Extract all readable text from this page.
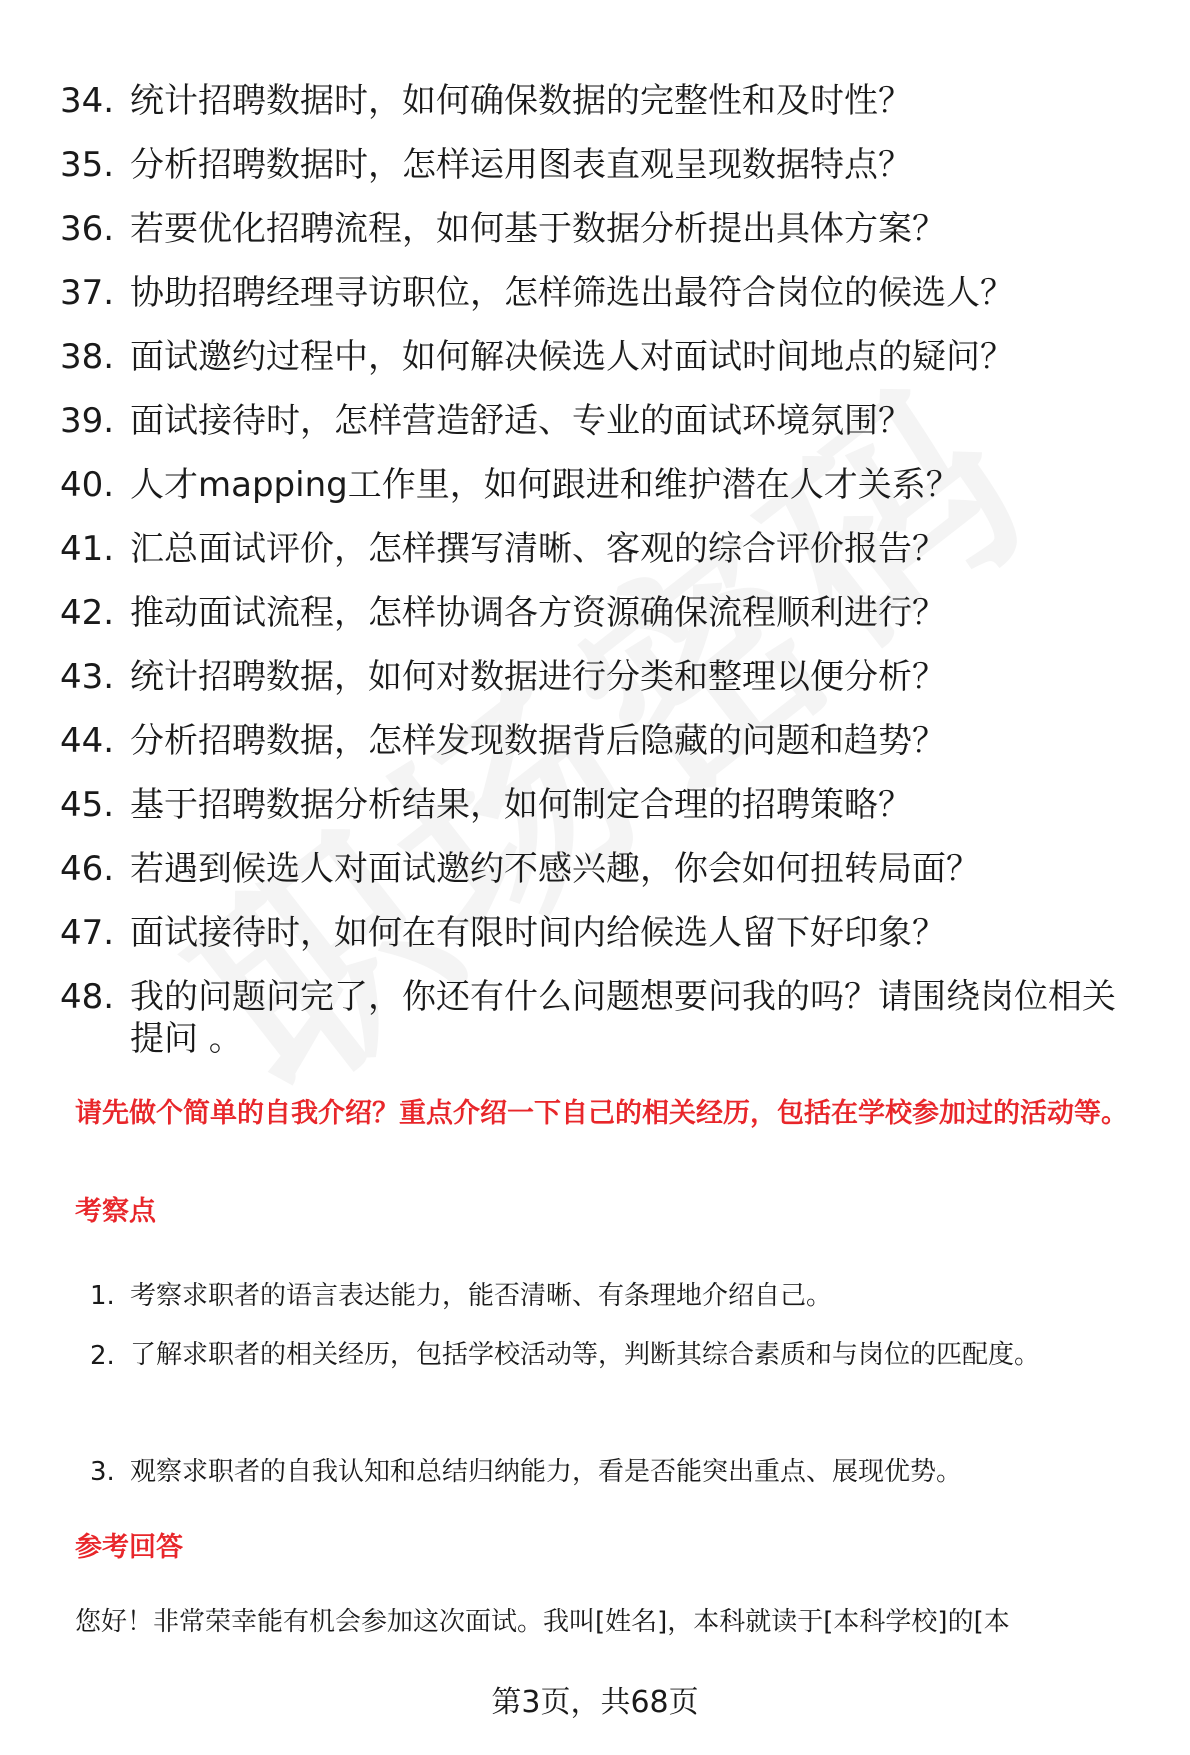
34. 统计招聘数据时，如何确保数据的完整性和及时性？
35. 分析招聘数据时，怎样运用图表直观呈现数据特点？
36. 若要优化招聘流程，如何基于数据分析提出具体方案？
37. 协助招聘经理寻访职位，怎样筛选出最符合岗位的候选人？
38. 面试邀约过程中，如何解决候选人对面试时间地点的疑问？
39. 面试接待时，怎样营造舒适、专业的面试环境氛围？
40. 人才mapping工作里，如何跟进和维护潜在人才关系？
41. 汇总面试评价，怎样撰写清晰、客观的综合评价报告？
42. 推动面试流程，怎样协调各方资源确保流程顺利进行？
43. 统计招聘数据，如何对数据进行分类和整理以便分析？
44. 分析招聘数据，怎样发现数据背后隐藏的问题和趋势？
45. 基于招聘数据分析结果，如何制定合理的招聘策略？
46. 若遇到候选人对面试邀约不感兴趣，你会如何扭转局面？
47. 面试接待时，如何在有限时间内给候选人留下好印象？
48. 我的问题问完了，你还有什么问题想要问我的吗？请围绕岗位相关提问 。
请先做个简单的自我介绍？重点介绍一下自己的相关经历，包括在学校参加过的活动等。
考察点
1. 考察求职者的语言表达能力，能否清晰、有条理地介绍自己。
2. 了解求职者的相关经历，包括学校活动等，判断其综合素质和与岗位的匹配度。
3. 观察求职者的自我认知和总结归纳能力，看是否能突出重点、展现优势。
参考回答
您好！非常荣幸能有机会参加这次面试。我叫[姓名]，本科就读于[本科学校]的[本
第3页，共68页
